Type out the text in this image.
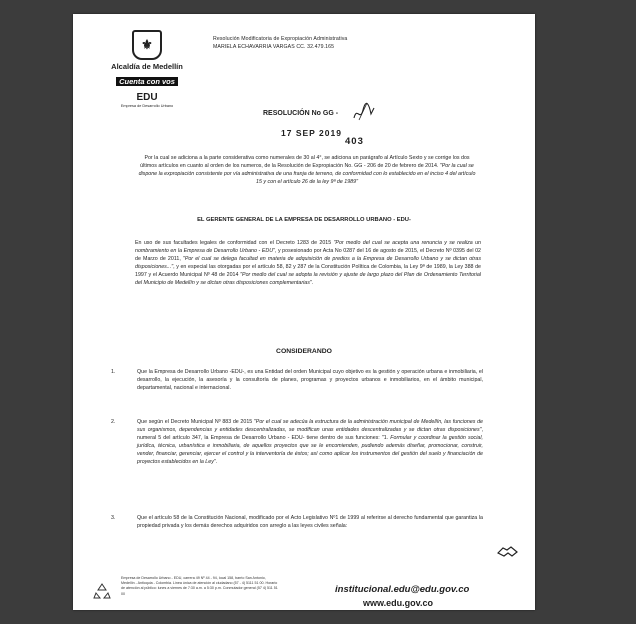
⚜
Alcaldía de Medellín
Cuenta con vos
EDU
Empresa de Desarrollo Urbano
Resolución Modificatoria de Expropiación Administrativa
MARIELA ECHAVARRIA VARGAS CC. 32.479.165
RESOLUCIÓN No GG -
17 SEP 2019
403
Por la cual se adiciona a la parte considerativa como numerales de 30 al 4°, se adiciona un parágrafo al Artículo Sexto y se corrige los dos últimos artículos en cuanto al orden de los numeros, de la Resolución de Expropiación No. GG - 206 de 20 de febrero de 2014. "Por la cual se dispone la expropiación consistente por vía administrativa de una franja de terreno, de conformidad con lo establecido en el inciso 4 del artículo 15 y con el artículo 26 de la ley 9ª de 1989"
EL GERENTE GENERAL DE LA EMPRESA DE DESARROLLO URBANO - EDU-
En uso de sus facultades legales de conformidad con el Decreto 1283 de 2015 "Por medio del cual se acepta una renuncia y se realiza un nombramiento en la Empresa de Desarrollo Urbano - EDU", y posesionado por Acta No 0287 del 16 de agosto de 2015, el Decreto Nº 0395 del 02 de Marzo de 2011, "Por el cual se delega facultad en materia de adquisición de predios a la Empresa de Desarrollo Urbano y se dictan otras disposiciones...", y en especial las otorgadas por el artículo 58, 82 y 287 de la Constitución Política de Colombia, la Ley 9ª de 1989, la Ley 388 de 1997 y el Acuerdo Municipal Nº 48 de 2014 "Por medio del cual se adopta la revisión y ajuste de largo plazo del Plan de Ordenamiento Territorial del Municipio de Medellín y se dictan otras disposiciones complementarias".
CONSIDERANDO
1.	Que la Empresa de Desarrollo Urbano -EDU-, es una Entidad del orden Municipal cuyo objetivo es la gestión y operación urbana e inmobiliaria, el desarrollo, la ejecución, la asesoría y la consultoría de planes, programas y proyectos urbanos e inmobiliarios, en el ámbito municipal, departamental, nacional e internacional.
2.	Que según el Decreto Municipal Nº 883 de 2015 "Por el cual se adecúa la estructura de la administración municipal de Medellín, las funciones de sus organismos, dependencias y entidades descentralizadas, se modifican unas entidades descentralizadas y se dictan otras disposiciones", numeral 5 del artículo 347, la Empresa de Desarrollo Urbano - EDU- tiene dentro de sus funciones: "1. Formular y coordinar la gestión social, jurídica, técnica, urbanística e inmobiliaria, de aquellos proyectos que se le encomienden, pudiendo además diseñar, promocionar, construir, vender, financiar, gerenciar, ejercer el control y la interventoría de éstos; así como aplicar los instrumentos del gestión del suelo y financiación de proyectos establecidos en la Ley".
3.	Que el artículo 58 de la Constitución Nacional, modificado por el Acto Legislativo Nº1 de 1999 al referirse al derecho fundamental que garantiza la propiedad privada y los demás derechos adquiridos con arreglo a las leyes civiles señala:
Empresa de Desarrollo Urbano - EDU, carrera 49 Nº 44 - 94, local 158, barrio San Antonio, Medellín - Antioquia - Colombia. Línea única de atención al ciudadano (57 - 4) 5111 51 00. Horario de atención al público: lunes a viernes de 7:30 a.m. a 5:30 p.m. Conmutador general (57 4) 511 51 00	institucional.edu@edu.gov.co
www.edu.gov.co
